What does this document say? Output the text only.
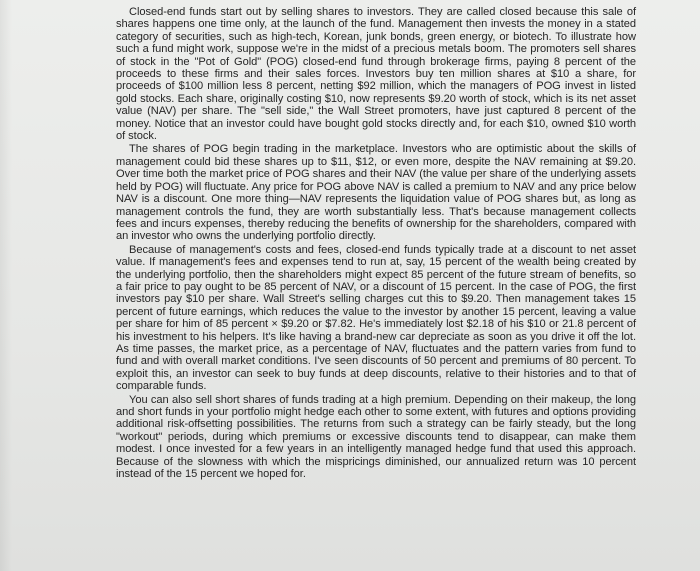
Closed-end funds start out by selling shares to investors. They are called closed because this sale of shares happens one time only, at the launch of the fund. Management then invests the money in a stated category of securities, such as high-tech, Korean, junk bonds, green energy, or biotech. To illustrate how such a fund might work, suppose we're in the midst of a precious metals boom. The promoters sell shares of stock in the "Pot of Gold" (POG) closed-end fund through brokerage firms, paying 8 percent of the proceeds to these firms and their sales forces. Investors buy ten million shares at $10 a share, for proceeds of $100 million less 8 percent, netting $92 million, which the managers of POG invest in listed gold stocks. Each share, originally costing $10, now represents $9.20 worth of stock, which is its net asset value (NAV) per share. The "sell side," the Wall Street promoters, have just captured 8 percent of the money. Notice that an investor could have bought gold stocks directly and, for each $10, owned $10 worth of stock.

The shares of POG begin trading in the marketplace. Investors who are optimistic about the skills of management could bid these shares up to $11, $12, or even more, despite the NAV remaining at $9.20. Over time both the market price of POG shares and their NAV (the value per share of the underlying assets held by POG) will fluctuate. Any price for POG above NAV is called a premium to NAV and any price below NAV is a discount. One more thing—NAV represents the liquidation value of POG shares but, as long as management controls the fund, they are worth substantially less. That's because management collects fees and incurs expenses, thereby reducing the benefits of ownership for the shareholders, compared with an investor who owns the underlying portfolio directly.

Because of management's costs and fees, closed-end funds typically trade at a discount to net asset value. If management's fees and expenses tend to run at, say, 15 percent of the wealth being created by the underlying portfolio, then the shareholders might expect 85 percent of the future stream of benefits, so a fair price to pay ought to be 85 percent of NAV, or a discount of 15 percent. In the case of POG, the first investors pay $10 per share. Wall Street's selling charges cut this to $9.20. Then management takes 15 percent of future earnings, which reduces the value to the investor by another 15 percent, leaving a value per share for him of 85 percent × $9.20 or $7.82. He's immediately lost $2.18 of his $10 or 21.8 percent of his investment to his helpers. It's like having a brand-new car depreciate as soon as you drive it off the lot. As time passes, the market price, as a percentage of NAV, fluctuates and the pattern varies from fund to fund and with overall market conditions. I've seen discounts of 50 percent and premiums of 80 percent. To exploit this, an investor can seek to buy funds at deep discounts, relative to their histories and to that of comparable funds.

You can also sell short shares of funds trading at a high premium. Depending on their makeup, the long and short funds in your portfolio might hedge each other to some extent, with futures and options providing additional risk-offsetting possibilities. The returns from such a strategy can be fairly steady, but the long "workout" periods, during which premiums or excessive discounts tend to disappear, can make them modest. I once invested for a few years in an intelligently managed hedge fund that used this approach. Because of the slowness with which the mispricings diminished, our annualized return was 10 percent instead of the 15 percent we hoped for.
